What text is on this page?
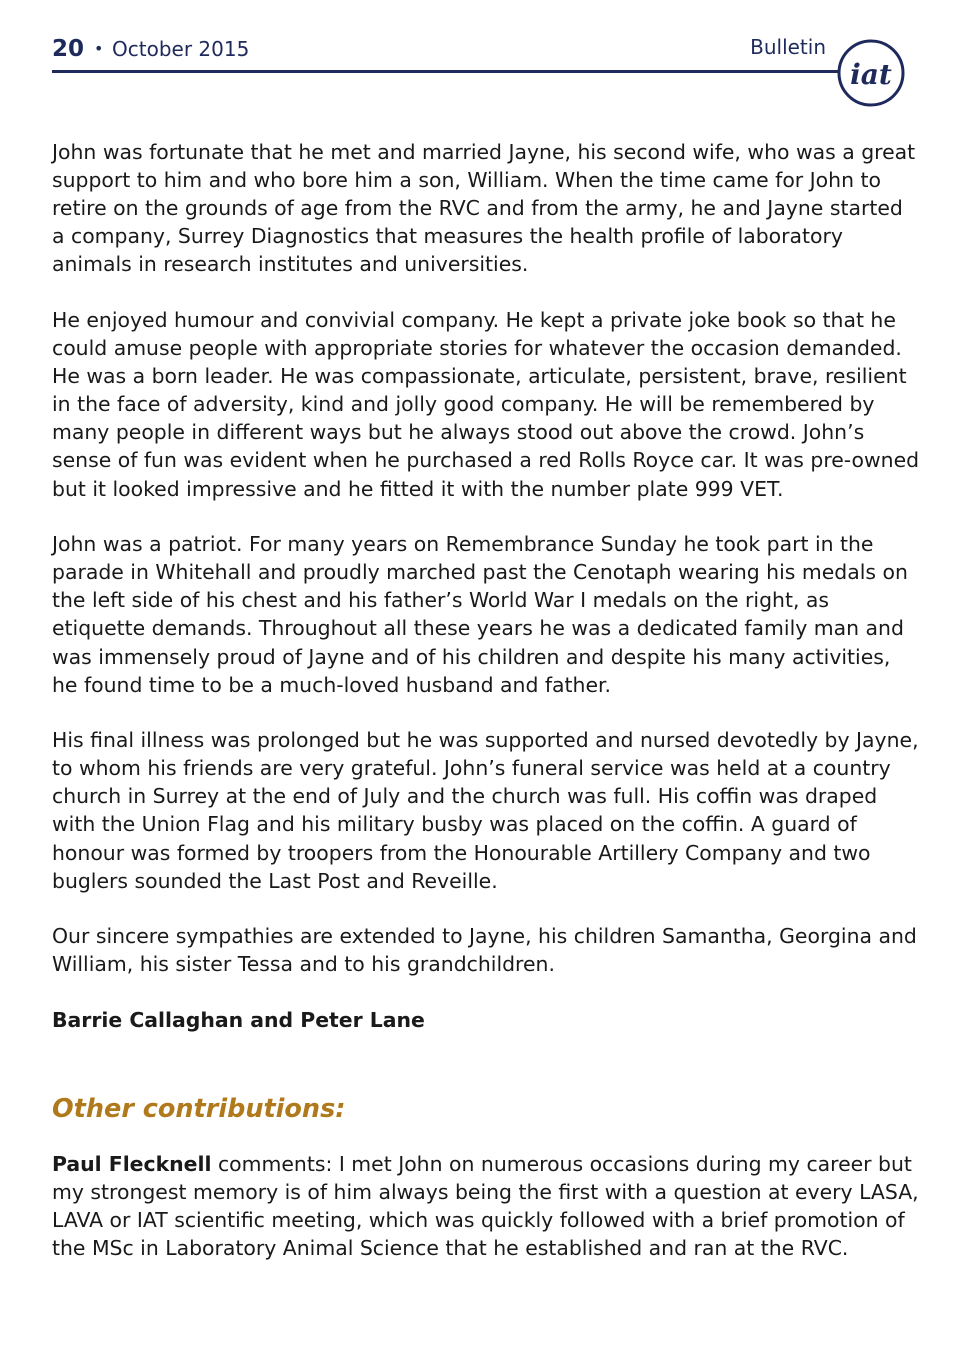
20 • October 2015	Bulletin
iat

John was fortunate that he met and married Jayne, his second wife, who was a great support to him and who bore him a son, William. When the time came for John to retire on the grounds of age from the RVC and from the army, he and Jayne started a company, Surrey Diagnostics that measures the health profile of laboratory animals in research institutes and universities.

He enjoyed humour and convivial company. He kept a private joke book so that he could amuse people with appropriate stories for whatever the occasion demanded. He was a born leader. He was compassionate, articulate, persistent, brave, resilient in the face of adversity, kind and jolly good company. He will be remembered by many people in different ways but he always stood out above the crowd. John’s sense of fun was evident when he purchased a red Rolls Royce car. It was pre-owned but it looked impressive and he fitted it with the number plate 999 VET.

John was a patriot. For many years on Remembrance Sunday he took part in the parade in Whitehall and proudly marched past the Cenotaph wearing his medals on the left side of his chest and his father’s World War I medals on the right, as etiquette demands. Throughout all these years he was a dedicated family man and was immensely proud of Jayne and of his children and despite his many activities, he found time to be a much-loved husband and father.

His final illness was prolonged but he was supported and nursed devotedly by Jayne, to whom his friends are very grateful. John’s funeral service was held at a country church in Surrey at the end of July and the church was full. His coffin was draped with the Union Flag and his military busby was placed on the coffin. A guard of honour was formed by troopers from the Honourable Artillery Company and two buglers sounded the Last Post and Reveille.

Our sincere sympathies are extended to Jayne, his children Samantha, Georgina and William, his sister Tessa and to his grandchildren.

Barrie Callaghan and Peter Lane

Other contributions:

Paul Flecknell comments: I met John on numerous occasions during my career but my strongest memory is of him always being the first with a question at every LASA, LAVA or IAT scientific meeting, which was quickly followed with a brief promotion of the MSc in Laboratory Animal Science that he established and ran at the RVC.
